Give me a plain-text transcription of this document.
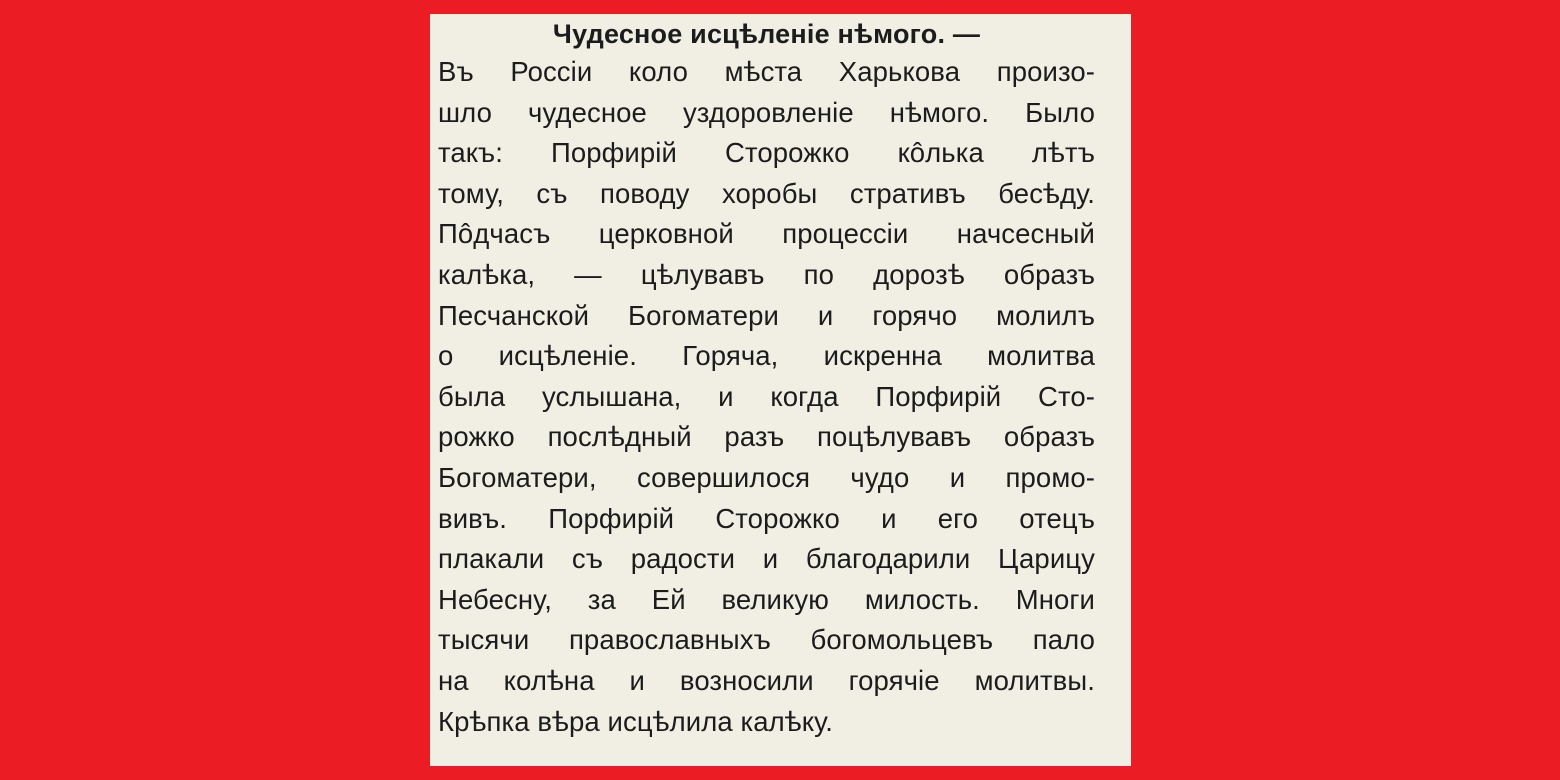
Чудесное исцѣленіе нѣмого. —
Въ Россіи коло мѣста Харькова произо-
шло чудесное уздоровленіе нѣмого. Было
такъ: Порфирій Сторожко кôлька лѣтъ
тому, съ поводу хоробы стративъ бесѣду.
Пôдчасъ церковной процессіи начсесный
калѣка, — цѣлувавъ по дорозѣ образъ
Песчанской Богоматери и горячо молилъ
о исцѣленіе. Горяча, искренна молитва
была услышана, и когда Порфирій Сто-
рожко послѣдный разъ поцѣлувавъ образъ
Богоматери, совершилося чудо и промо-
вивъ. Порфирій Сторожко и его отецъ
плакали съ радости и благодарили Царицу
Небесну, за Ей великую милость. Многи
тысячи православныхъ богомольцевъ пало
на колѣна и возносили горячіе молитвы.
Крѣпка вѣра исцѣлила калѣку.
